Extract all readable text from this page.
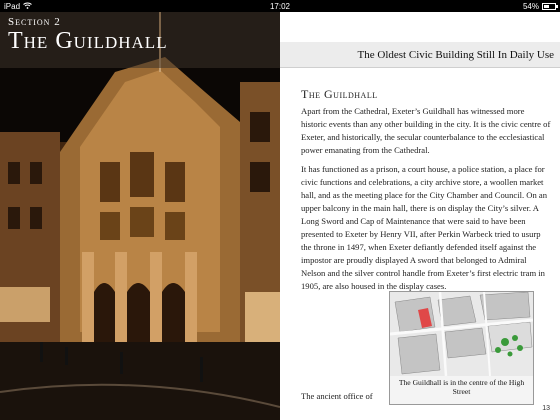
iPad	17:02	54%
Section 2
The Guildhall
The Oldest Civic Building Still In Daily Use
The Guildhall

Apart from the Cathedral, Exeter’s Guildhall has witnessed more historic events than any other building in the city. It is the civic centre of Exeter, and historically, the secular counterbalance to the ecclesiastical power emanating from the Cathedral.

It has functioned as a prison, a court house, a police station, a place for civic functions and celebrations, a city archive store, a woollen market hall, and as the meeting place for the City Chamber and Council. On an upper balcony in the main hall, there is on display the City’s silver. A Long Sword and Cap of Maintenance that were said to have been presented to Exeter by Henry VII, after Perkin Warbeck tried to usurp the throne in 1497, when Exeter defiantly defended itself against the impostor are proudly displayed A sword that belonged to Admiral Nelson and the silver control handle from Exeter’s first electric tram in 1905, are also housed in the display cases.

The ancient office of

The Guildhall is in the centre of the High Street
13
